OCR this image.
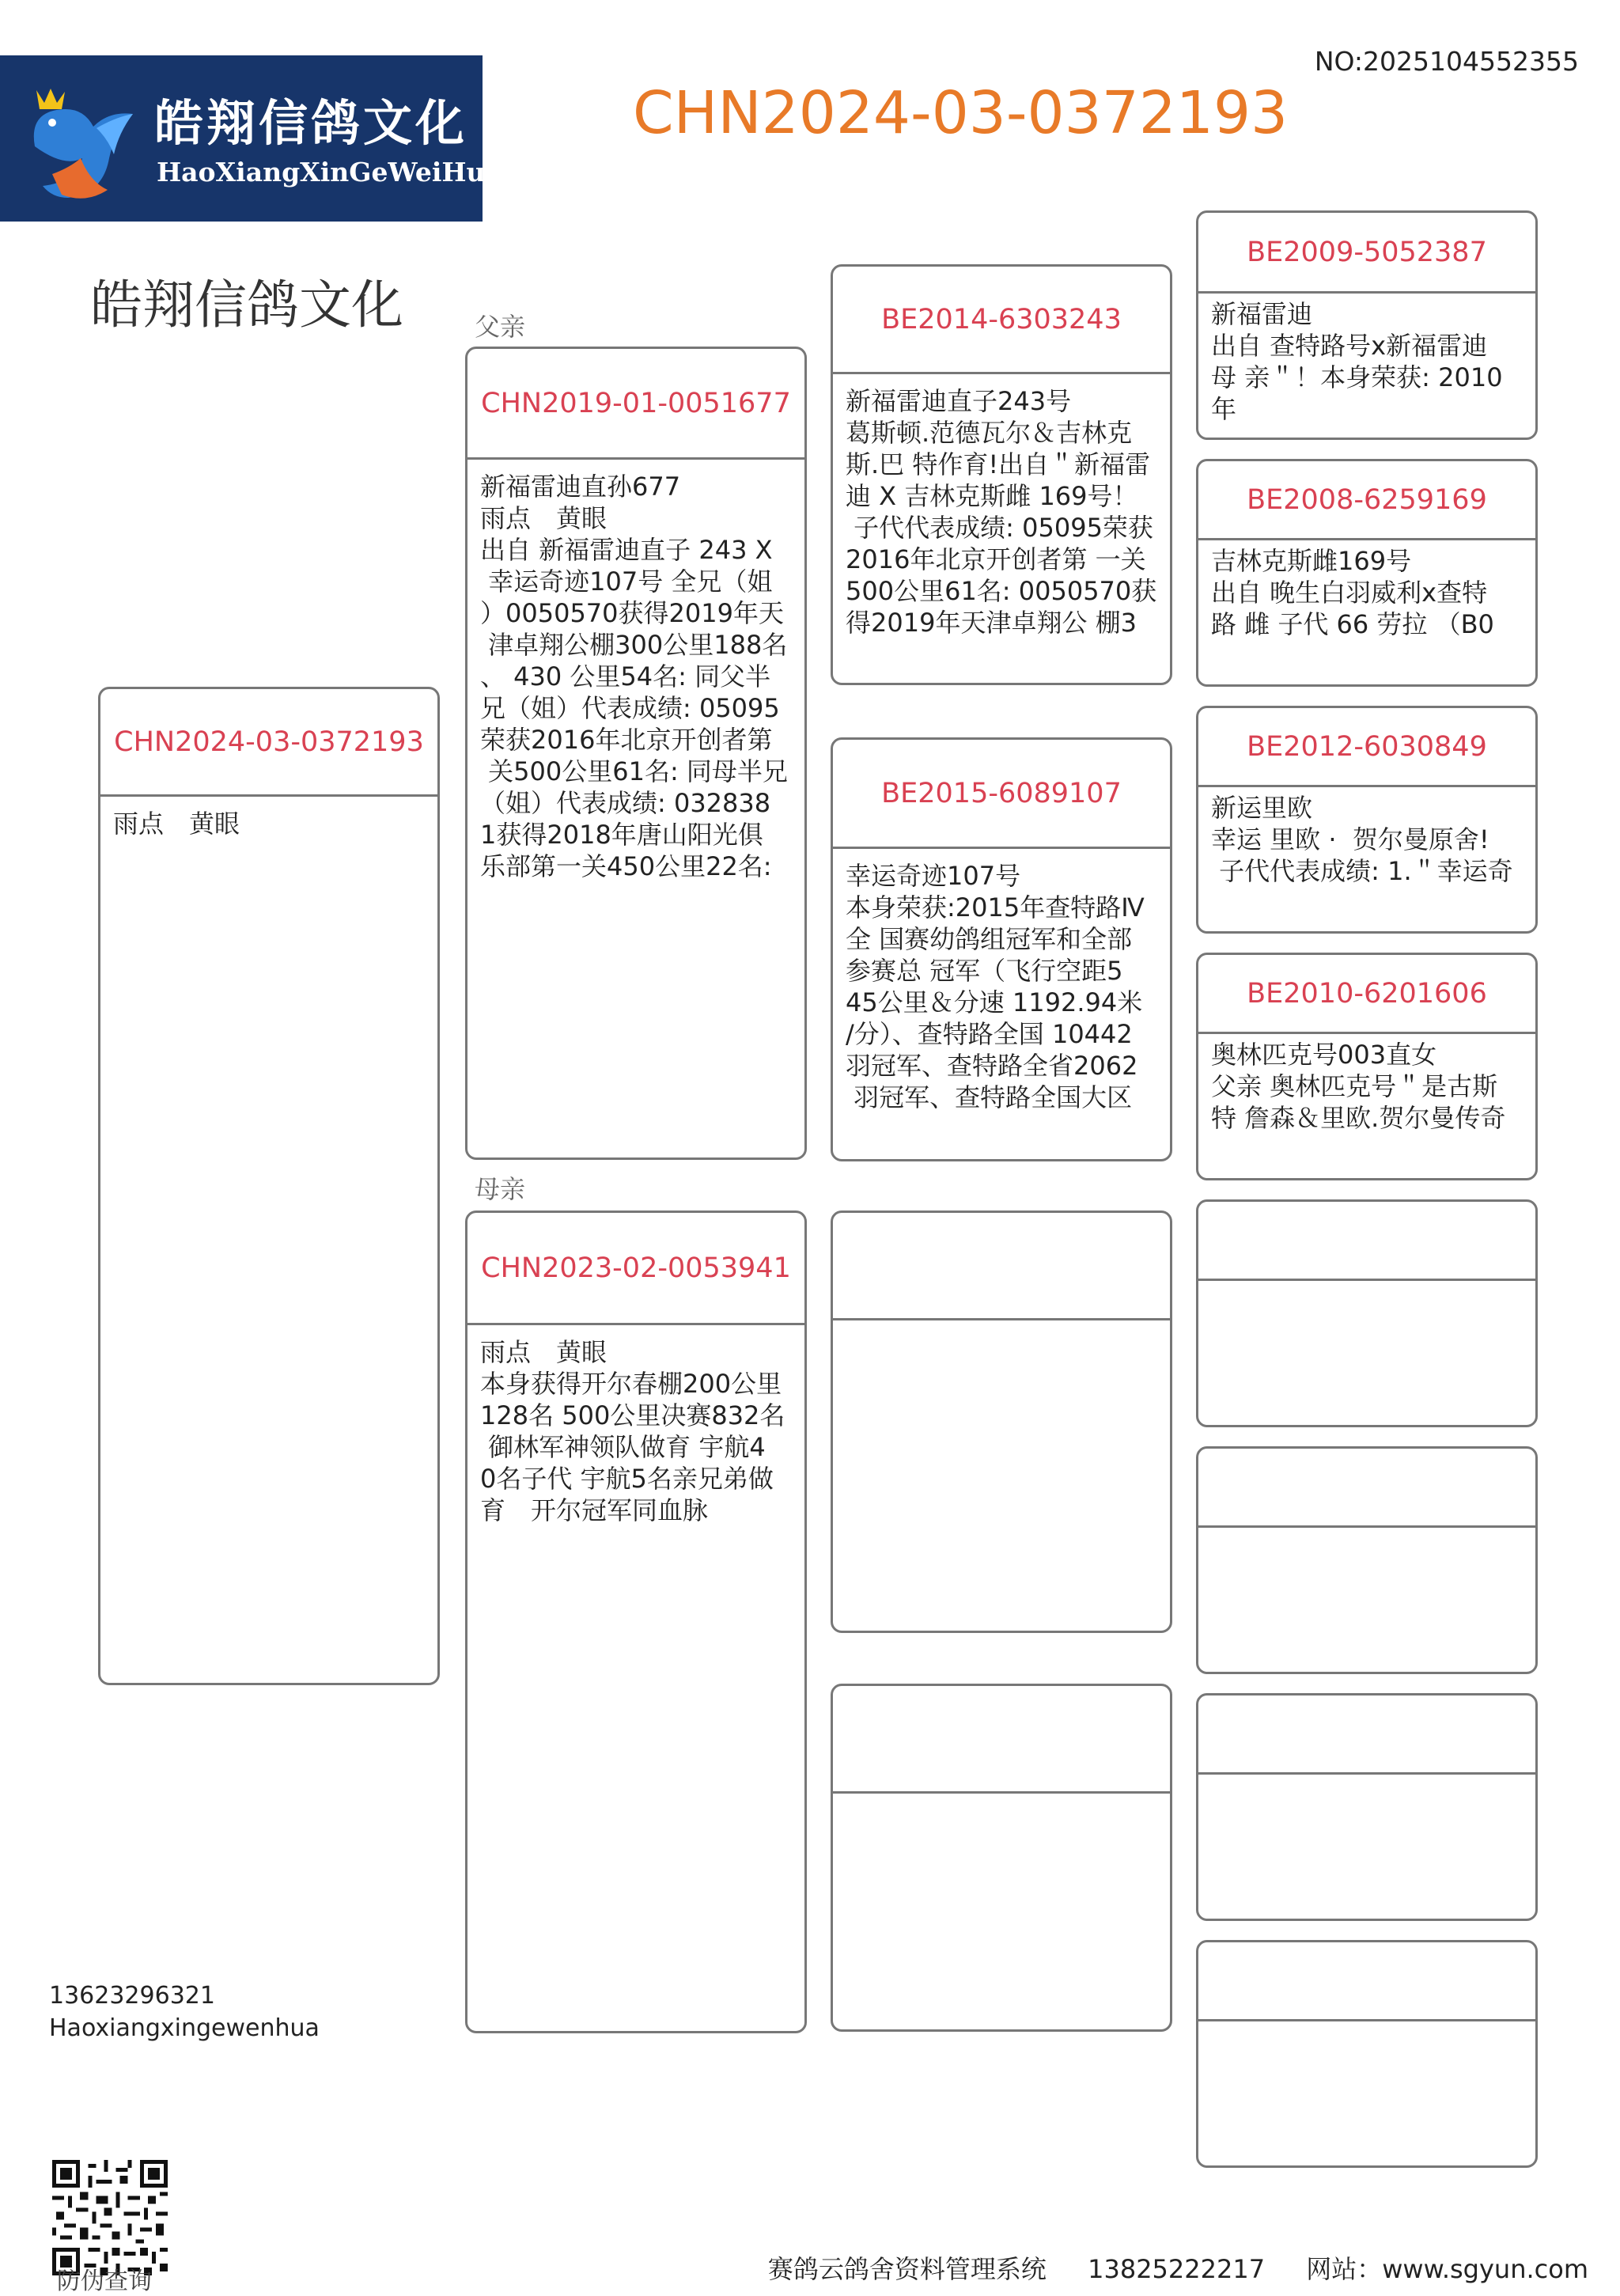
皓翔信鸽文化
HaoXiangXinGeWeiHua
NO:2025104552355
CHN2024-03-0372193
皓翔信鸽文化	父亲
母亲
CHN2024-03-0372193
雨点　黄眼
CHN2019-01-0051677
新福雷迪直孙677
雨点　黄眼
出自 新福雷迪直子 243 X
幸运奇迹107号 全兄（姐
）0050570获得2019年天
津卓翔公棚300公里188名
、 430 公里54名: 同父半
兄（姐）代表成绩: 05095
荣获2016年北京开创者第
关500公里61名: 同母半兄
（姐）代表成绩: 032838
1获得2018年唐山阳光俱
乐部第一关450公里22名:
CHN2023-02-0053941
雨点　黄眼
本身获得开尔春棚200公里
128名 500公里决赛832名
御林军神领队做育 宇航4
0名子代 宇航5名亲兄弟做
育　开尔冠军同血脉
BE2014-6303243
新福雷迪直子243号
葛斯顿.范德瓦尔＆吉林克
斯.巴 特作育!出自＂新福雷
迪 X 吉林克斯雌 169号！
子代代表成绩: 05095荣获
2016年北京开创者第 一关
500公里61名: 0050570获
得2019年天津卓翔公 棚3
BE2015-6089107
幸运奇迹107号
本身荣获:2015年查特路Ⅳ
全 国赛幼鸽组冠军和全部
参赛总 冠军（飞行空距5
45公里＆分速 1192.94米
/分）、查特路全国 10442
羽冠军、查特路全省2062
羽冠军、查特路全国大区
BE2009-5052387
新福雷迪
出自 查特路号x新福雷迪
母 亲＂！本身荣获: 2010年
BE2008-6259169
吉林克斯雌169号
出自 晚生白羽威利x查特
路 雌 子代 66 劳拉 （B0
BE2012-6030849
新运里欧
幸运 里欧 ·  贺尔曼原舍!
子代代表成绩: 1.＂幸运奇
BE2010-6201606
奥林匹克号003直女
父亲 奥林匹克号＂是古斯
特 詹森＆里欧.贺尔曼传奇
13623296321
Haoxiangxingewenhua
防伪查询	赛鸽云鸽舍资料管理系统 13825222217 网站：www.sgyun.com
